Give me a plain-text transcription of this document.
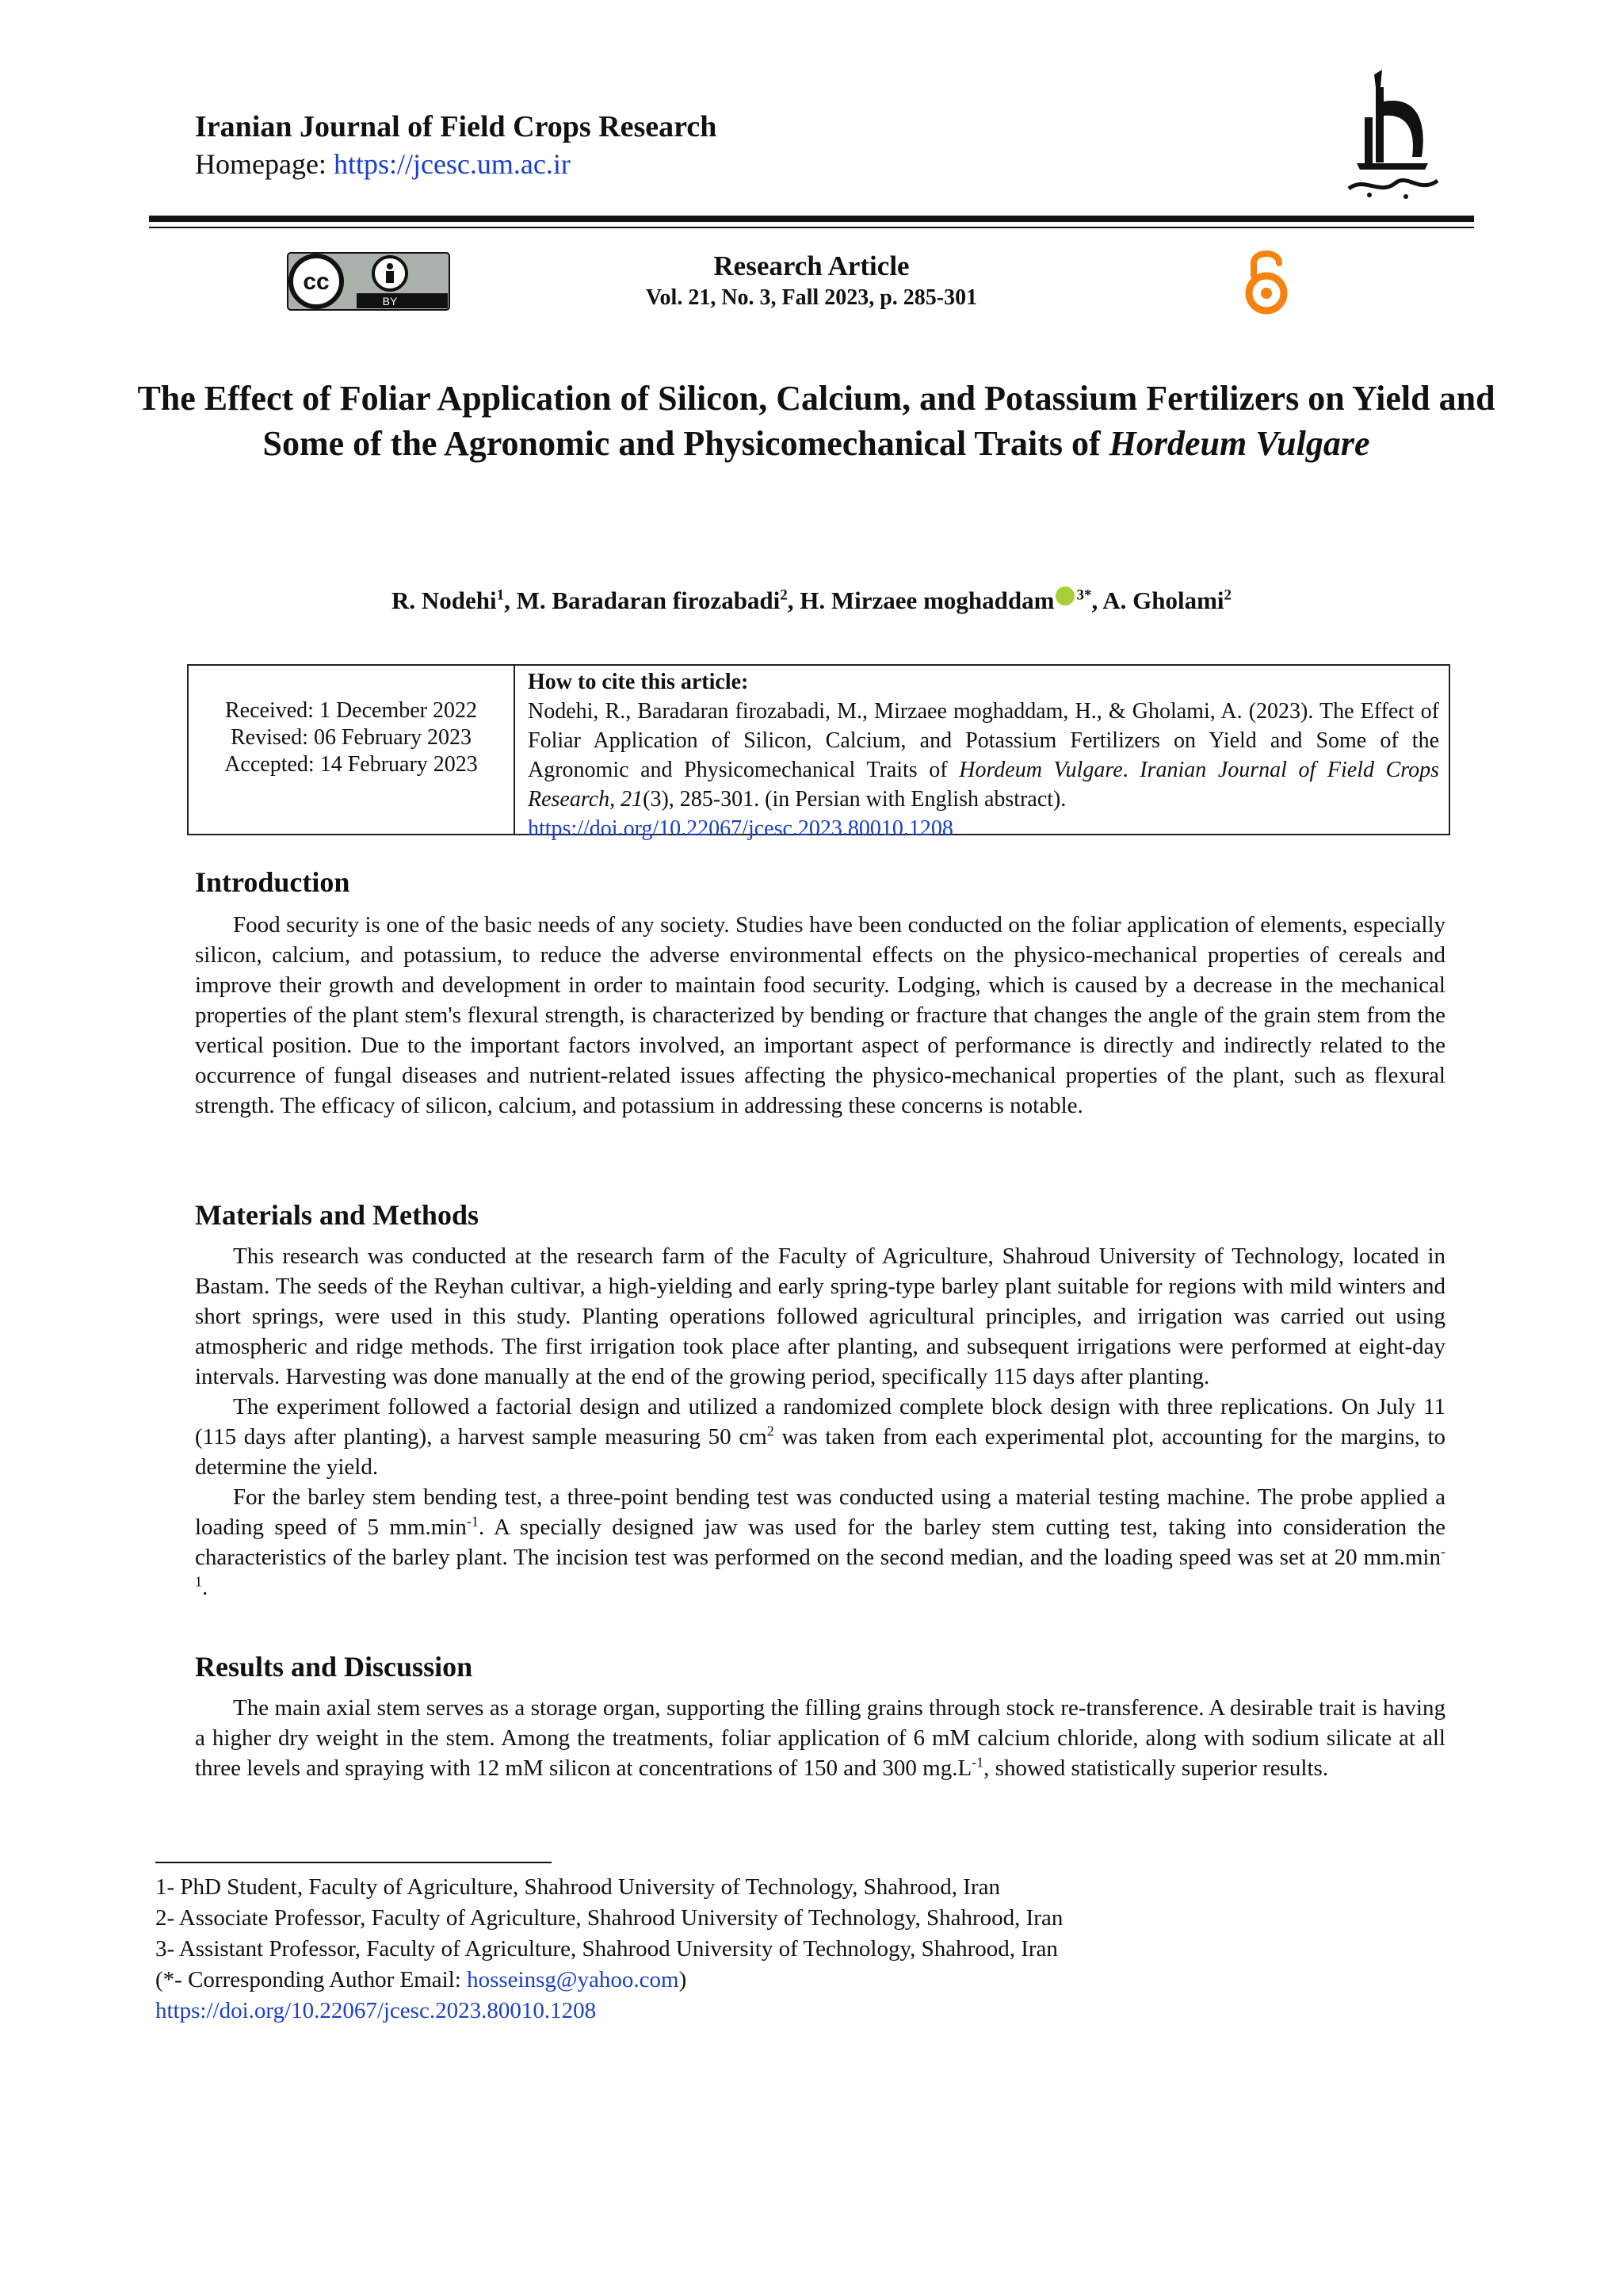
Iranian Journal of Field Crops Research
Homepage: https://jcesc.um.ac.ir
cc
BY
Research Article
Vol. 21, No. 3, Fall 2023, p. 285-301
The Effect of Foliar Application of Silicon, Calcium, and Potassium Fertilizers on Yield and Some of the Agronomic and Physicomechanical Traits of Hordeum Vulgare
R. Nodehi$^1$, M. Baradaran firozabadi$^2$, H. Mirzaee moghaddam $^{3*}$, A. Gholami$^2$
Received: 1 December 2022
Revised: 06 February 2023
Accepted: 14 February 2023
How to cite this article:
Nodehi, R., Baradaran firozabadi, M., Mirzaee moghaddam, H., & Gholami, A. (2023). The Effect of Foliar Application of Silicon, Calcium, and Potassium Fertilizers on Yield and Some of the Agronomic and Physicomechanical Traits of Hordeum Vulgare. Iranian Journal of Field Crops Research, 21(3), 285-301. (in Persian with English abstract).
https://doi.org/10.22067/jcesc.2023.80010.1208
Introduction

Food security is one of the basic needs of any society. Studies have been conducted on the foliar application of elements, especially silicon, calcium, and potassium, to reduce the adverse environmental effects on the physico-mechanical properties of cereals and improve their growth and development in order to maintain food security. Lodging, which is caused by a decrease in the mechanical properties of the plant stem's flexural strength, is characterized by bending or fracture that changes the angle of the grain stem from the vertical position. Due to the important factors involved, an important aspect of performance is directly and indirectly related to the occurrence of fungal diseases and nutrient-related issues affecting the physico-mechanical properties of the plant, such as flexural strength. The efficacy of silicon, calcium, and potassium in addressing these concerns is notable.

Materials and Methods

This research was conducted at the research farm of the Faculty of Agriculture, Shahroud University of Technology, located in Bastam. The seeds of the Reyhan cultivar, a high-yielding and early spring-type barley plant suitable for regions with mild winters and short springs, were used in this study. Planting operations followed agricultural principles, and irrigation was carried out using atmospheric and ridge methods. The first irrigation took place after planting, and subsequent irrigations were performed at eight-day intervals. Harvesting was done manually at the end of the growing period, specifically 115 days after planting.

The experiment followed a factorial design and utilized a randomized complete block design with three replications. On July 11 (115 days after planting), a harvest sample measuring 50 $cm^2$ was taken from each experimental plot, accounting for the margins, to determine the yield.

For the barley stem bending test, a three-point bending test was conducted using a material testing machine. The probe applied a loading speed of 5 $mm.\min^{-1}$. A specially designed jaw was used for the barley stem cutting test, taking into consideration the characteristics of the barley plant. The incision test was performed on the second median, and the loading speed was set at 20 $mm.\min^{-1}$.

Results and Discussion

The main axial stem serves as a storage organ, supporting the filling grains through stock re-transference. A desirable trait is having a higher dry weight in the stem. Among the treatments, foliar application of 6 mM calcium chloride, along with sodium silicate at all three levels and spraying with 12 mM silicon at concentrations of 150 and 300 $mg.L^{-1}$, showed statistically superior results.

1- PhD Student, Faculty of Agriculture, Shahrood University of Technology, Shahrood, Iran
2- Associate Professor, Faculty of Agriculture, Shahrood University of Technology, Shahrood, Iran
3- Assistant Professor, Faculty of Agriculture, Shahrood University of Technology, Shahrood, Iran
(*- Corresponding Author Email: hosseinsg@yahoo.com)
https://doi.org/10.22067/jcesc.2023.80010.1208
